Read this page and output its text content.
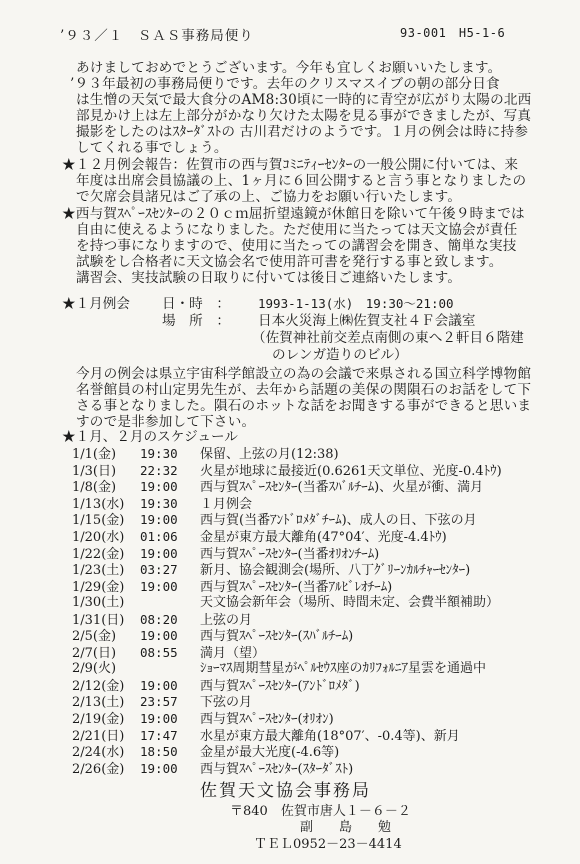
’９３／１　ＳＡＳ事務局便り	93-001　H5-1-6
あけましておめでとうございます。今年も宜しくお願いいたします。
’９３年最初の事務局便りです。去年のクリスマスイブの朝の部分日食
は生憎の天気で最大食分のAM8:30頃に一時的に青空が広がり太陽の北西
部見かけ上は左上部分がかなり欠けた太陽を見る事ができましたが、写真
撮影をしたのはｽﾀｰﾀﾞｽﾄの 古川君だけのようです。１月の例会は時に持参
してくれる事でしょう。
★１２月例会報告：佐賀市の西与賀ｺﾐﾆﾃｨｰｾﾝﾀｰの一般公開に付いては、来
年度は出席会員協議の上、1ヶ月に６回公開すると言う事となりましたの
で欠席会員諸兄はご了承の上、ご協力をお願い行いたします。
★西与賀ｽﾍﾟｰｽｾﾝﾀｰの２０ｃｍ屈折望遠鏡が休館日を除いて午後９時までは
自由に使えるようになりました。ただ使用に当たっては天文協会が責任
を持つ事になりますので、使用に当たっての講習会を開き、簡単な実技
試験をし合格者に天文協会名で使用許可書を発行する事と致します。
講習会、実技試験の日取りに付いては後日ご連絡いたします。
★１月例会 日・時　： 1993-1-13(水)　19:30～21:00
場　所　： 日本火災海上㈱佐賀支社４Ｆ会議室
（佐賀神社前交差点南側の東へ２軒目６階建
のレンガ造りのビル）
今月の例会は県立宇宙科学館設立の為の会議で来県される国立科学博物館
名誉館員の村山定男先生が、去年から話題の美保の関隕石のお話をして下
さる事となりました。隕石のホットな話をお聞きする事ができると思いま
すので是非参加して下さい。
★１月、２月のスケジュール
1/1(金) 19:30 保留、上弦の月(12:38)
1/3(日) 22:32 火星が地球に最接近(0.6261天文単位、光度-0.4ﾄｳ)
1/8(金) 19:00 西与賀ｽﾍﾟｰｽｾﾝﾀｰ(当番ｽﾊﾞﾙﾁｰﾑ)、火星が衝、満月
1/13(水) 19:30 １月例会
1/15(金) 19:00 西与賀(当番ｱﾝﾄﾞﾛﾒﾀﾞﾁｰﾑ)、成人の日、下弦の月
1/20(水) 01:06 金星が東方最大離角(47°04′、光度-4.4ﾄｳ)
1/22(金) 19:00 西与賀ｽﾍﾟｰｽｾﾝﾀｰ(当番ｵﾘｵﾝﾁｰﾑ)
1/23(土) 03:27 新月、協会観測会(場所、八丁ｸﾞﾘｰﾝｶﾙﾁｬｰｾﾝﾀｰ)
1/29(金) 19:00 西与賀ｽﾍﾟｰｽｾﾝﾀｰ(当番ｱﾙﾋﾞﾚｵﾁｰﾑ)
1/30(土)	天文協会新年会（場所、時間未定、会費半額補助）
1/31(日) 08:20 上弦の月
2/5(金) 19:00 西与賀ｽﾍﾟｰｽｾﾝﾀｰ(ｽﾊﾞﾙﾁｰﾑ)
2/7(日) 08:55 満月（望）
2/9(火)	ｼｮｰﾏｽ周期彗星がﾍﾟﾙｾｳｽ座のｶﾘﾌｫﾙﾆｱ星雲を通過中
2/12(金) 19:00 西与賀ｽﾍﾟｰｽｾﾝﾀｰ(ｱﾝﾄﾞﾛﾒﾀﾞ)
2/13(土) 23:57 下弦の月
2/19(金) 19:00 西与賀ｽﾍﾟｰｽｾﾝﾀｰ(ｵﾘｵﾝ)
2/21(日) 17:47 水星が東方最大離角(18°07′、-0.4等)、新月
2/24(水) 18:50 金星が最大光度(-4.6等)
2/26(金) 19:00 西与賀ｽﾍﾟｰｽｾﾝﾀｰ(ｽﾀｰﾀﾞｽﾄ)
佐賀天文協会事務局
〒840　佐賀市唐人１－６－２
副　　島　　勉
ＴＥＬ0952－23－4414
